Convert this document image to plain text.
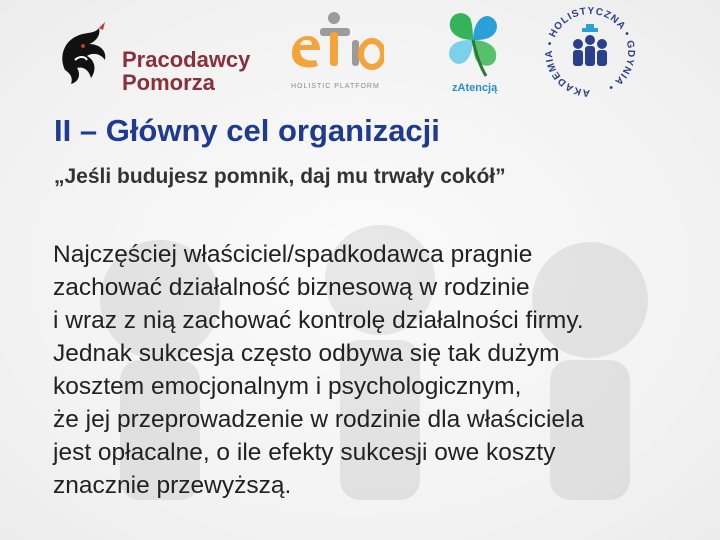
Pracodawcy
Pomorza	HOLISTIC PLATFORM	zAtencją	AKADEMIA • HOLISTYCZNA • GDYNIA •
II – Główny cel organizacji

„Jeśli budujesz pomnik, daj mu trwały cokół”

Najczęściej właściciel/spadkodawca pragnie
zachować działalność biznesową w rodzinie
i wraz z nią zachować kontrolę działalności firmy.
Jednak sukcesja często odbywa się tak dużym
kosztem emocjonalnym i psychologicznym,
że jej przeprowadzenie w rodzinie dla właściciela
jest opłacalne, o ile efekty sukcesji owe koszty
znacznie przewyższą.
